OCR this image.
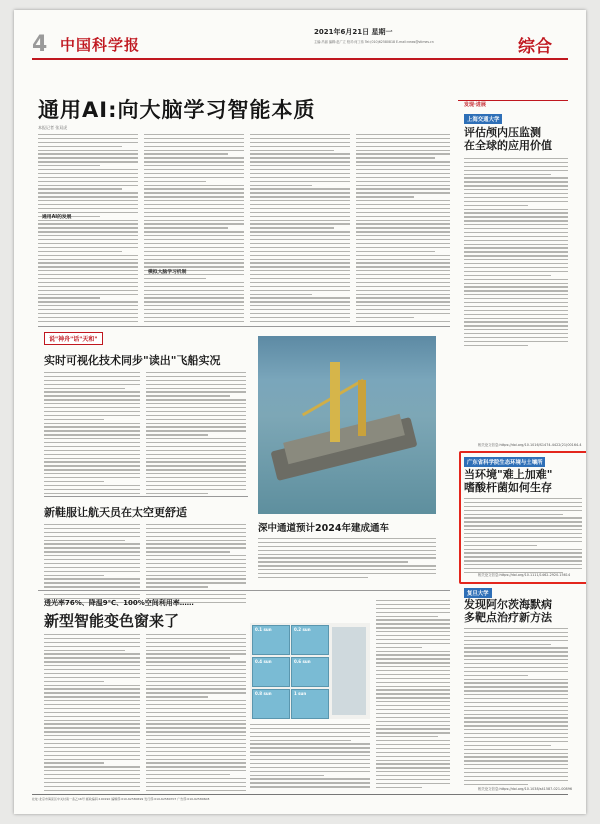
4 中国科学报
2021年6月21日 星期一
主编:冯丽 编辑:赵广立 校对:何工伟 Tel:(010)62580818 E-mail:news@stimes.cn	综合
通用AI:向大脑学习智能本质
本报记者 张双虎
通用AI的发展
模拟大脑学习机制
说"神舟"话"天和"
实时可视化技术同步"读出"飞船实况
新鞋服让航天员在太空更舒适
深中通道预计2024年建成通车
透光率76%、降温9℃、100%空间利用率……
新型智能变色窗来了	0.1 sun	0.2 sun
0.4 sun	0.6 sun
0.8 sun	1 sun
发现·进展
上海交通大学
评估颅内压监测
在全球的应用价值
相关论文信息:https://doi.org/10.1016/S1474-4422(21)00164-4
广东省科学院生态环境与土壤所
当环境"难上加难"
嗜酸杆菌如何生存
相关论文信息:https://doi.org/10.1111/1462-2920.15614
复旦大学
发现阿尔茨海默病
多靶点治疗新方法
相关论文信息:https://doi.org/10.1038/s41587-021-00896
社址:北京市海淀区中关村南一条乙16号 邮政编码:100190 编辑部:010-62580699 发行部:010-62580707 广告部:010-62580608
